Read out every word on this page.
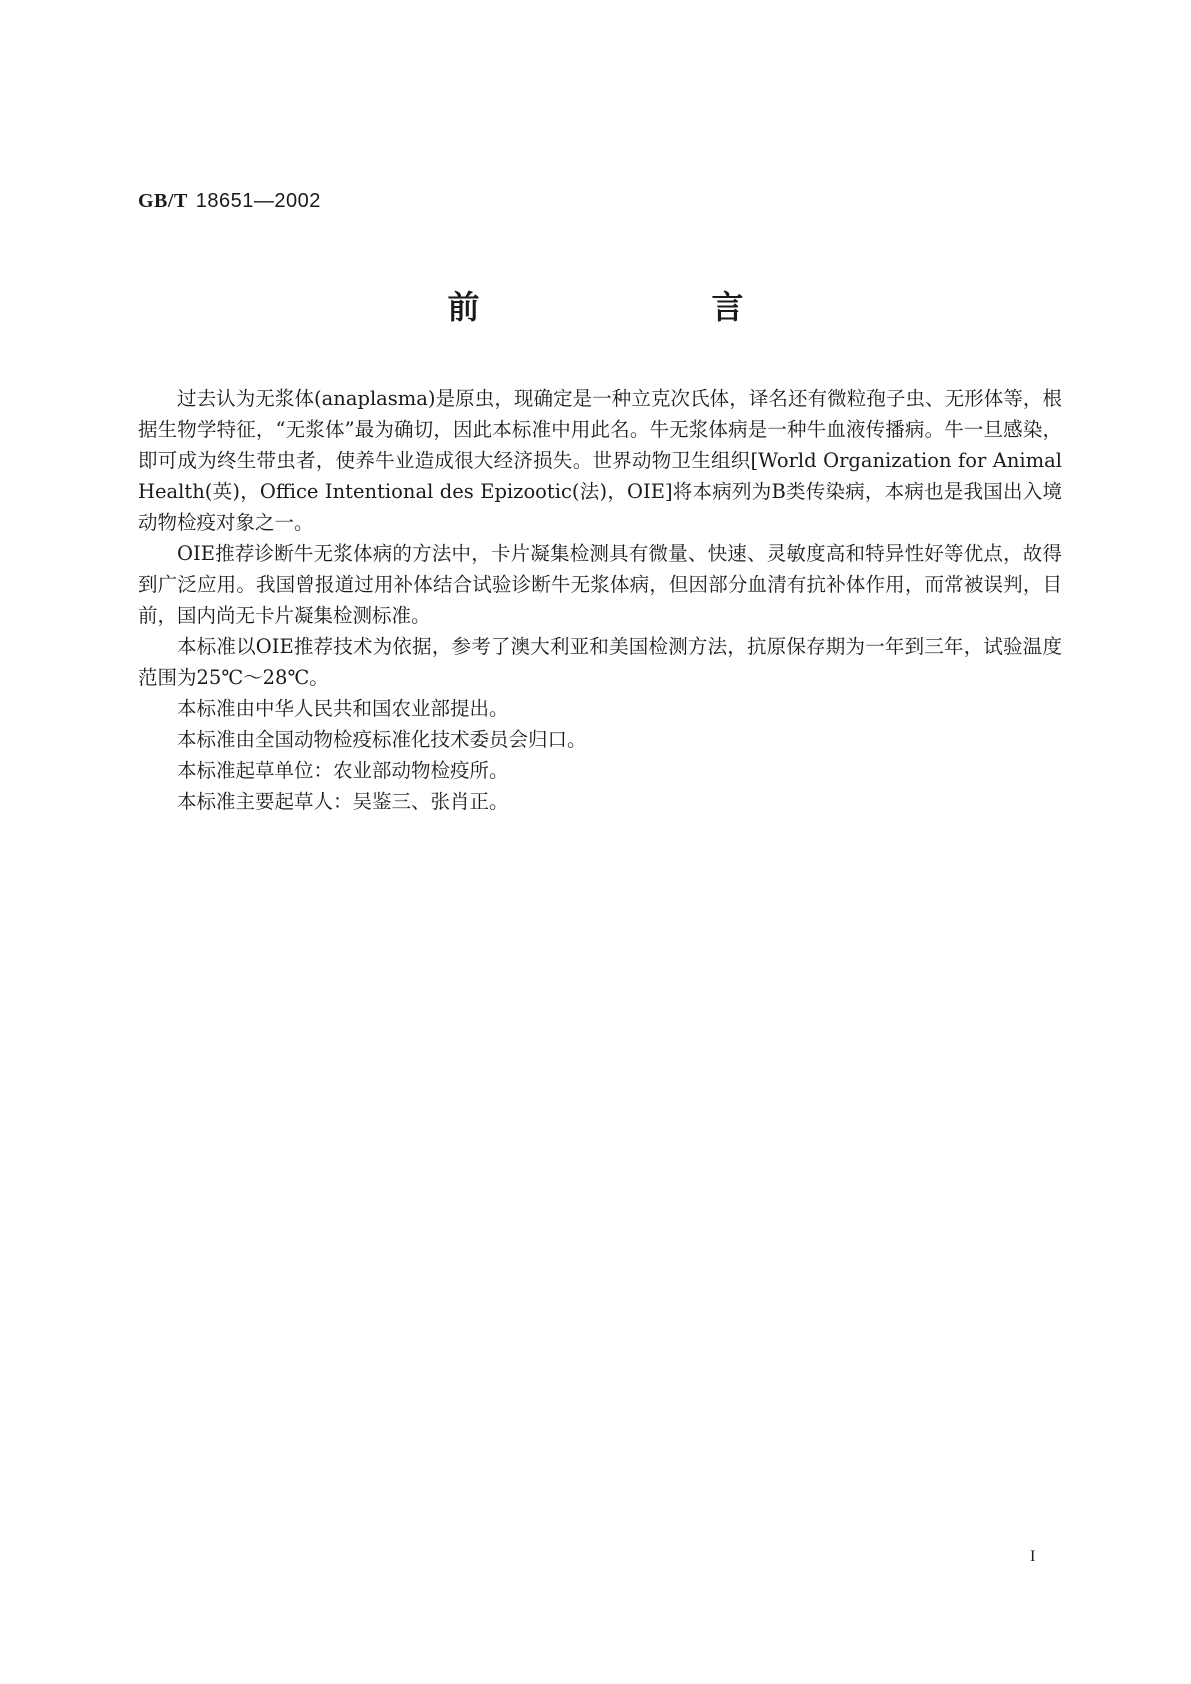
GB/T 18651—2002
前　　言

过去认为无浆体(anaplasma)是原虫，现确定是一种立克次氏体，译名还有微粒孢子虫、无形体等，根据生物学特征，“无浆体”最为确切，因此本标准中用此名。牛无浆体病是一种牛血液传播病。牛一旦感染，即可成为终生带虫者，使养牛业造成很大经济损失。世界动物卫生组织[World Organization for Animal Health(英)，Office Intentional des Epizootic(法)，OIE]将本病列为B类传染病，本病也是我国出入境动物检疫对象之一。

OIE推荐诊断牛无浆体病的方法中，卡片凝集检测具有微量、快速、灵敏度高和特异性好等优点，故得到广泛应用。我国曾报道过用补体结合试验诊断牛无浆体病，但因部分血清有抗补体作用，而常被误判，目前，国内尚无卡片凝集检测标准。

本标准以OIE推荐技术为依据，参考了澳大利亚和美国检测方法，抗原保存期为一年到三年，试验温度范围为25℃～28℃。

本标准由中华人民共和国农业部提出。

本标准由全国动物检疫标准化技术委员会归口。

本标准起草单位：农业部动物检疫所。

本标准主要起草人：吴鉴三、张肖正。

I
